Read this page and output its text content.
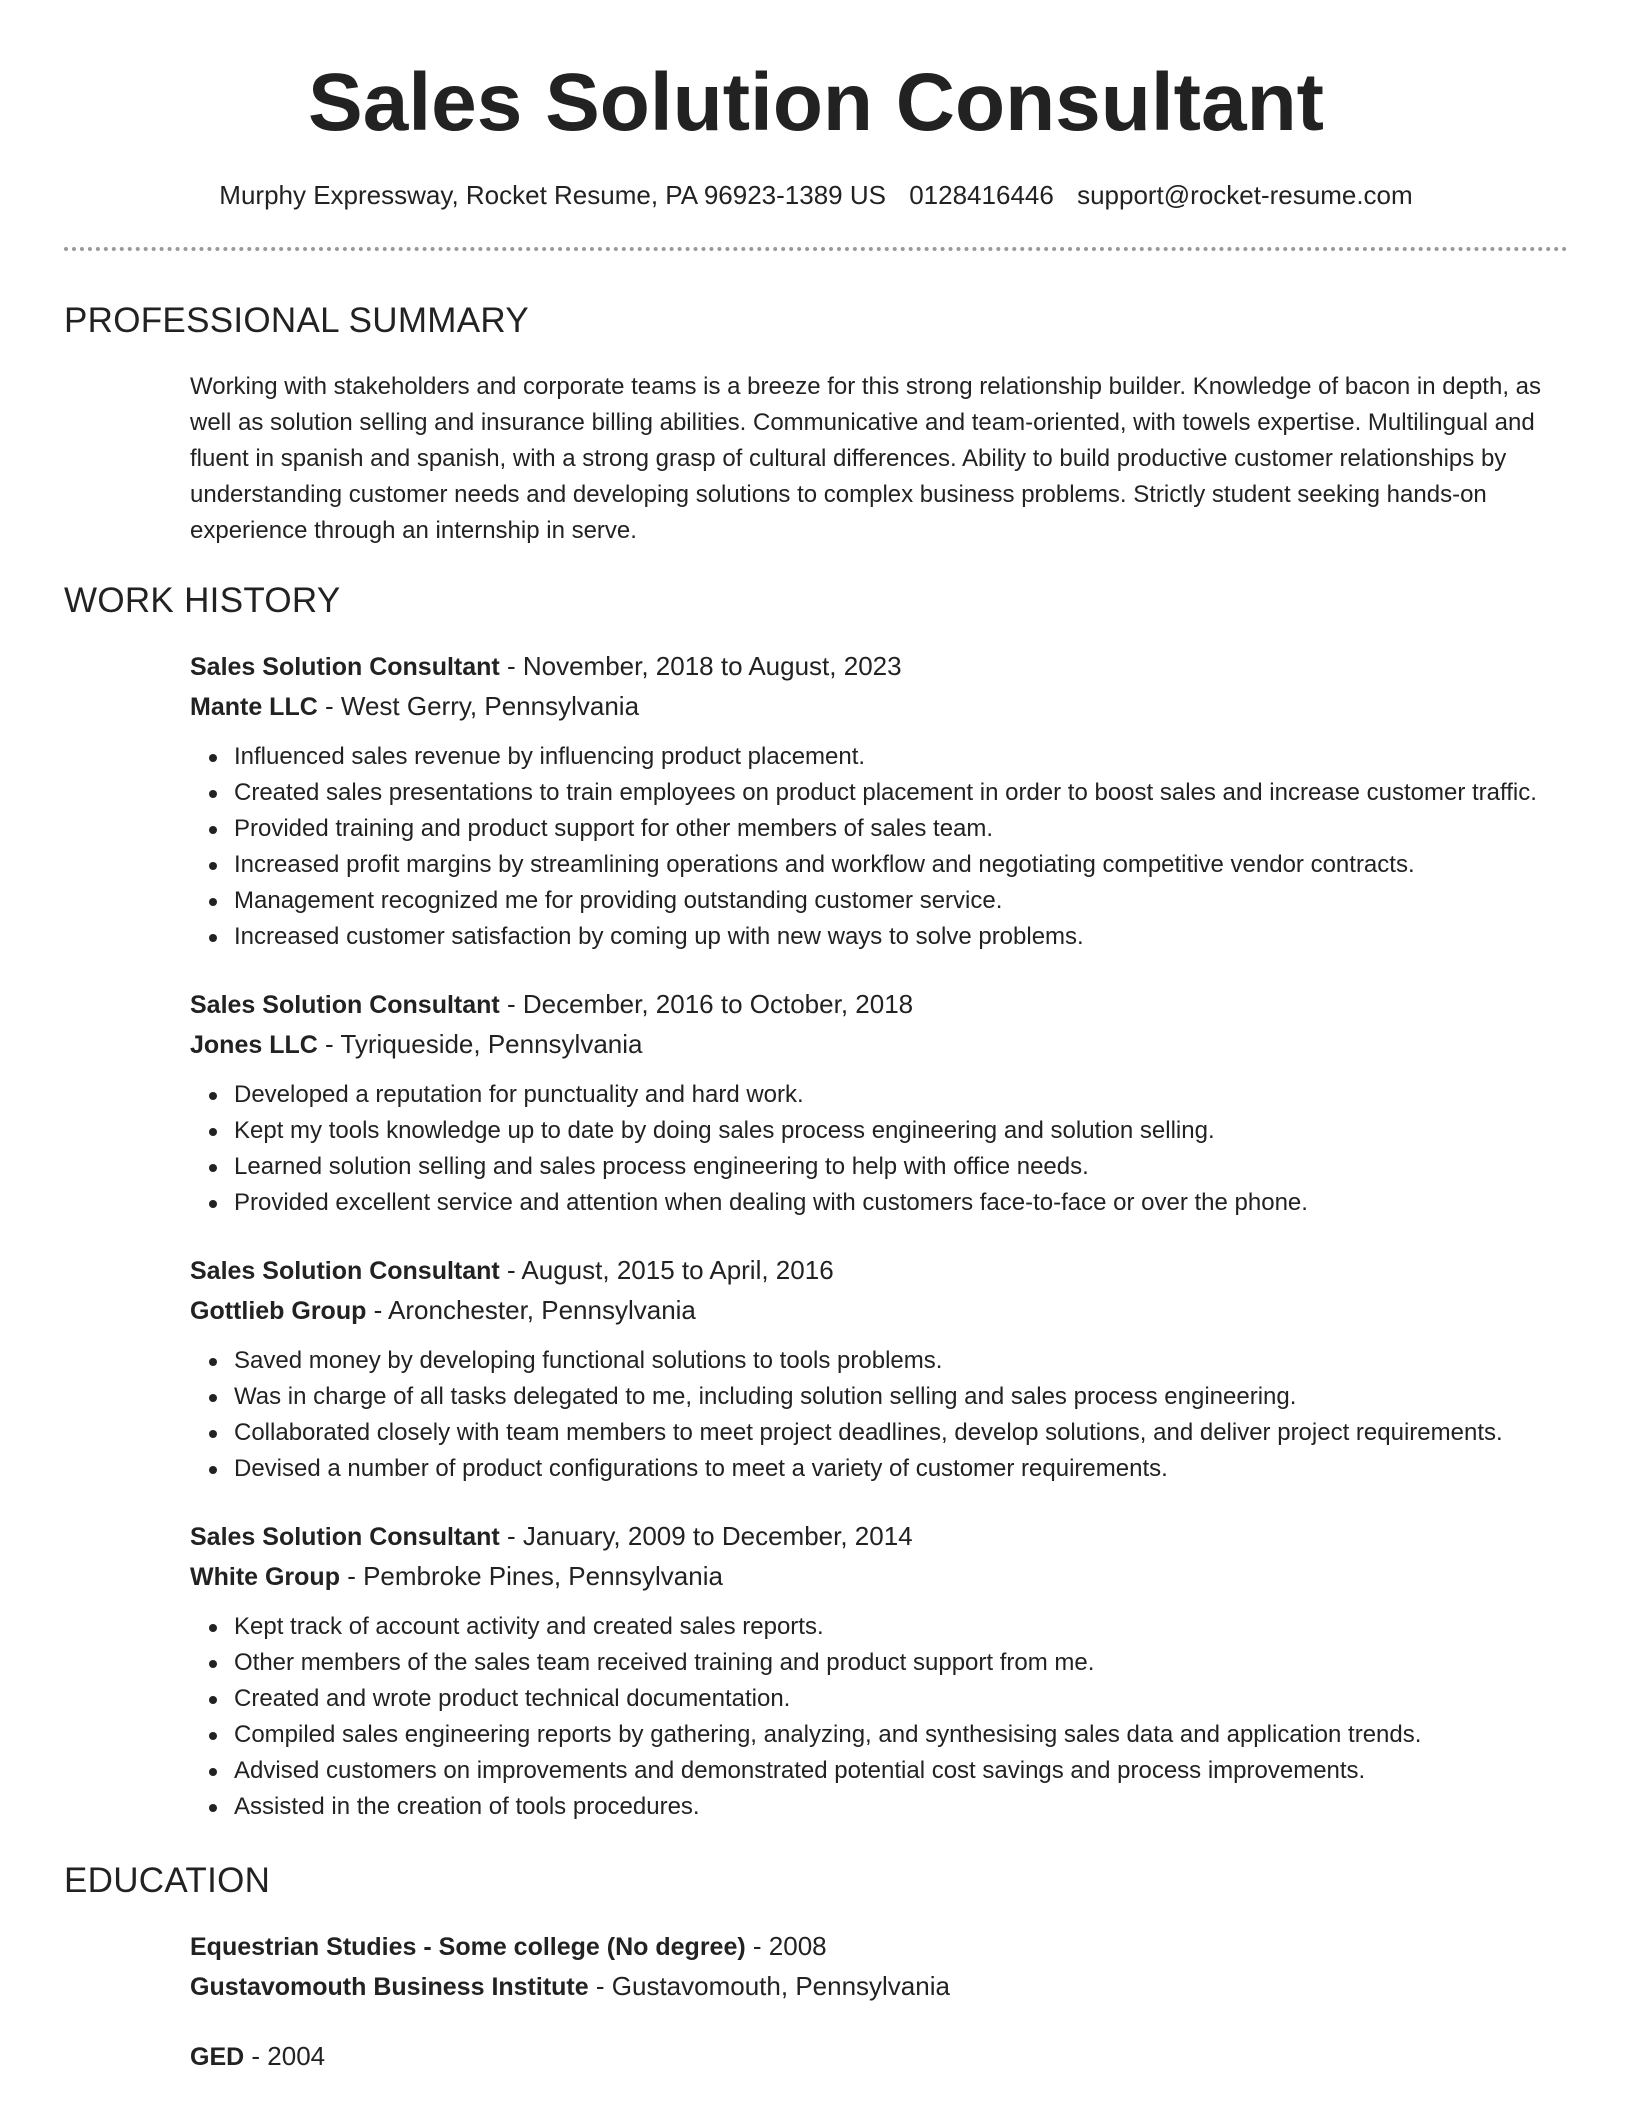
Sales Solution Consultant
Murphy Expressway, Rocket Resume, PA 96923-1389 US 0128416446 support@rocket-resume.com
PROFESSIONAL SUMMARY

Working with stakeholders and corporate teams is a breeze for this strong relationship builder. Knowledge of bacon in depth, as well as solution selling and insurance billing abilities. Communicative and team-oriented, with towels expertise. Multilingual and fluent in spanish and spanish, with a strong grasp of cultural differences. Ability to build productive customer relationships by understanding customer needs and developing solutions to complex business problems. Strictly student seeking hands-on experience through an internship in serve.

WORK HISTORY
Sales Solution Consultant - November, 2018 to August, 2023
Mante LLC - West Gerry, Pennsylvania
Influenced sales revenue by influencing product placement.
Created sales presentations to train employees on product placement in order to boost sales and increase customer traffic.
Provided training and product support for other members of sales team.
Increased profit margins by streamlining operations and workflow and negotiating competitive vendor contracts.
Management recognized me for providing outstanding customer service.
Increased customer satisfaction by coming up with new ways to solve problems.
Sales Solution Consultant - December, 2016 to October, 2018
Jones LLC - Tyriqueside, Pennsylvania
Developed a reputation for punctuality and hard work.
Kept my tools knowledge up to date by doing sales process engineering and solution selling.
Learned solution selling and sales process engineering to help with office needs.
Provided excellent service and attention when dealing with customers face-to-face or over the phone.
Sales Solution Consultant - August, 2015 to April, 2016
Gottlieb Group - Aronchester, Pennsylvania
Saved money by developing functional solutions to tools problems.
Was in charge of all tasks delegated to me, including solution selling and sales process engineering.
Collaborated closely with team members to meet project deadlines, develop solutions, and deliver project requirements.
Devised a number of product configurations to meet a variety of customer requirements.
Sales Solution Consultant - January, 2009 to December, 2014
White Group - Pembroke Pines, Pennsylvania
Kept track of account activity and created sales reports.
Other members of the sales team received training and product support from me.
Created and wrote product technical documentation.
Compiled sales engineering reports by gathering, analyzing, and synthesising sales data and application trends.
Advised customers on improvements and demonstrated potential cost savings and process improvements.
Assisted in the creation of tools procedures.
EDUCATION
Equestrian Studies - Some college (No degree) - 2008
Gustavomouth Business Institute - Gustavomouth, Pennsylvania
GED - 2004
